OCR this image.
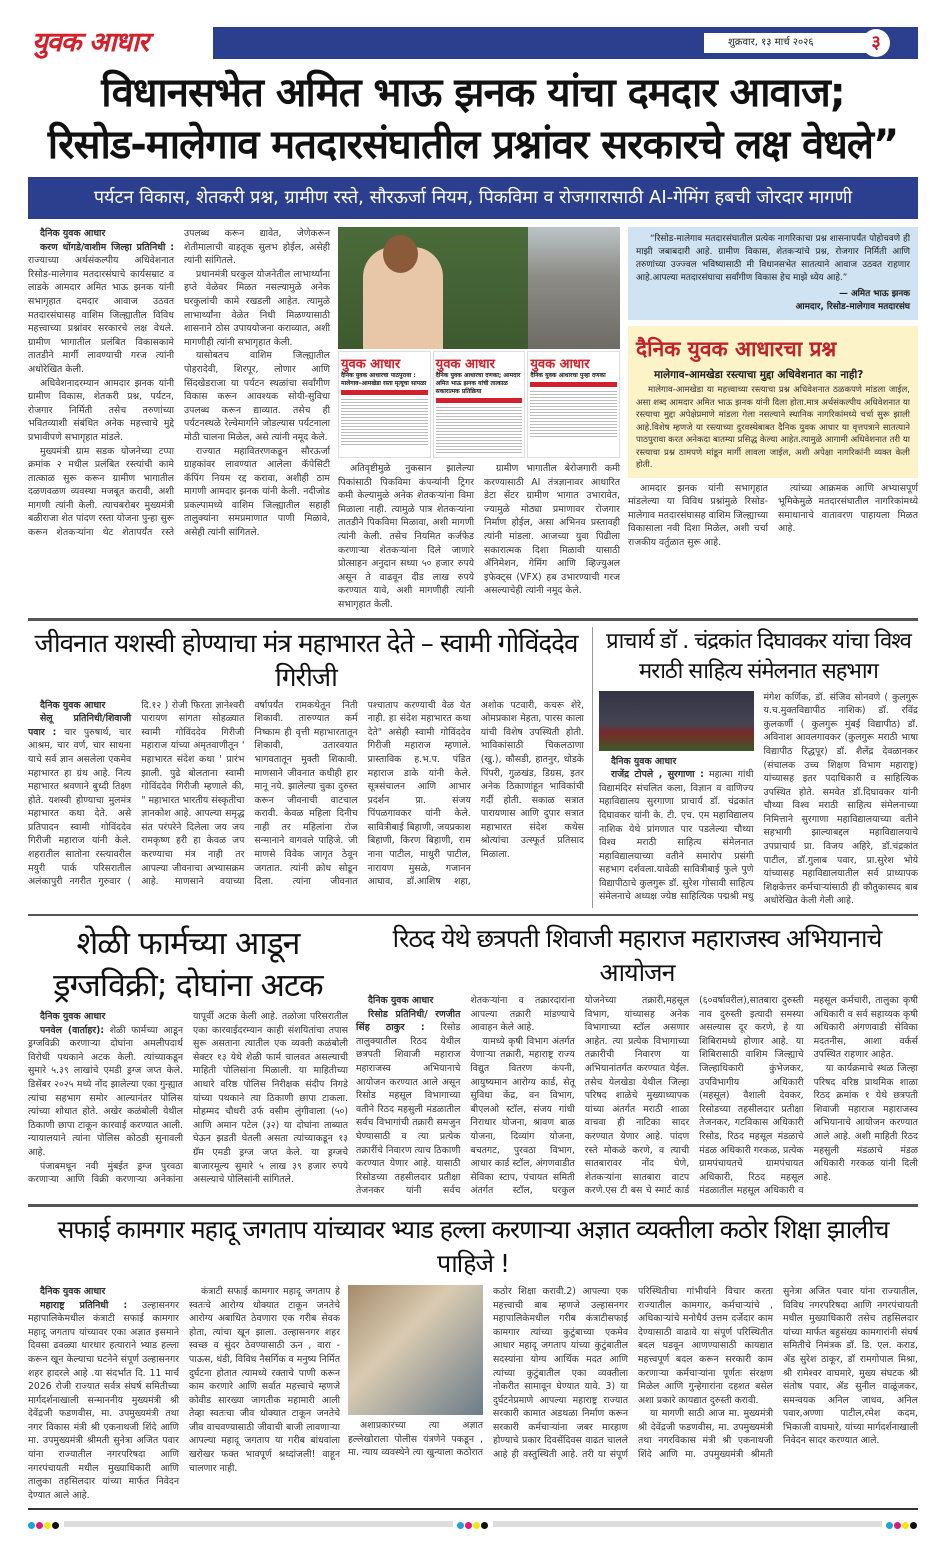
युवक आधार	शुक्रवार, १३ मार्च २०२६	३
विधानसभेत अमित भाऊ झनक यांचा दमदार आवाज;
रिसोड-मालेगाव मतदारसंघातील प्रश्नांवर सरकारचे लक्ष वेधले”
पर्यटन विकास, शेतकरी प्रश्न, ग्रामीण रस्ते, सौरऊर्जा नियम, पिकविमा व रोजगारासाठी AI-गेमिंग हबची जोरदार मागणी

दैनिक युवक आधार

करण धोंगडे/वाशीम जिल्हा प्रतिनिधी : राज्याच्या अर्थसंकल्पीय अधिवेशनात रिसोड-मालेगाव मतदारसंघाचे कार्यसम्राट व लाडके आमदार अमित भाऊ झनक यांनी सभागृहात दमदार आवाज उठवत मतदारसंघासह वाशिम जिल्ह्यातील विविध महत्त्वाच्या प्रश्नांवर सरकारचे लक्ष वेधले. ग्रामीण भागातील प्रलंबित विकासकामे तातडीने मार्गी लावण्याची गरज त्यांनी अधोरेखित केली.

अधिवेशनादरम्यान आमदार झनक यांनी ग्रामीण विकास, शेतकरी प्रश्न, पर्यटन, रोजगार निर्मिती तसेच तरुणांच्या भवितव्याशी संबंधित अनेक महत्त्वाचे मुद्दे प्रभावीपणे सभागृहात मांडले.

मुख्यमंत्री ग्राम सडक योजनेच्या टप्पा क्रमांक २ मधील प्रलंबित रस्त्यांची कामे तात्काळ सुरू करून ग्रामीण भागातील दळणवळण व्यवस्था मजबूत करावी, अशी मागणी त्यांनी केली. त्याचबरोबर मुख्यमंत्री बळीराजा शेत पांदण रस्ता योजना पुन्हा सुरू करून शेतकऱ्यांना थेट शेतापर्यंत रस्ते उपलब्ध करून द्यावेत, जेणेकरून शेतीमालाची वाहतूक सुलभ होईल, असेही त्यांनी सांगितले.

प्रधानमंत्री घरकुल योजनेतील लाभार्थ्यांना हप्ते वेळेवर मिळत नसल्यामुळे अनेक घरकुलांची कामे रखडली आहेत. त्यामुळे लाभार्थ्यांना वेळेत निधी मिळण्यासाठी शासनाने ठोस उपाययोजना कराव्यात, अशी मागणीही त्यांनी सभागृहात केली.

यासोबतच वाशिम जिल्ह्यातील पोहरादेवी, शिरपूर, लोणार आणि सिंदखेडराजा या पर्यटन स्थळांचा सर्वांगीण विकास करून आवश्यक सोयी-सुविधा उपलब्ध करून द्याव्यात. तसेच ही पर्यटनस्थळे रेल्वेमार्गाने जोडल्यास पर्यटनाला मोठी चालना मिळेल, असे त्यांनी नमूद केले.

राज्यात महावितरणकडून सौरऊर्जा ग्राहकांवर लावण्यात आलेला कॅपेसिटी कॅपिंग नियम रद्द करावा, अशीही ठाम मागणी आमदार झनक यांनी केली. नदीजोड प्रकल्पामध्ये वाशिम जिल्ह्यातील सहाही तालुक्यांना समप्रमाणात पाणी मिळावे, असेही त्यांनी सांगितले.

युवक आधार
दैनिक युवक आधारचा पाठपुरावा : मालेगाव–आमखेडा रस्ता मृत्यूचा सापळा
युवक आधार
दैनिक युवक आधारचा दणका; आमदार अमित भाऊ झनक यांची तात्काळ सकारात्मक प्रतिक्रिया
युवक आधार
दैनिक युवक आधारचा पुन्हा दणका

अतिवृष्टीमुळे नुकसान झालेल्या पिकांसाठी पिकविमा कंपन्यांनी ट्रिगर कमी केल्यामुळे अनेक शेतकऱ्यांना विमा मिळाला नाही. त्यामुळे पात्र शेतकऱ्यांना तातडीने पिकविमा मिळावा, अशी मागणी त्यांनी केली. तसेच नियमित कर्जफेड करणाऱ्या शेतकऱ्यांना दिले जाणारे प्रोत्साहन अनुदान सध्या ५० हजार रुपये असून ते वाढवून दीड लाख रुपये करण्यात यावे, अशी मागणीही त्यांनी सभागृहात केली.

ग्रामीण भागातील बेरोजगारी कमी करण्यासाठी AI तंत्रज्ञानावर आधारित डेटा सेंटर ग्रामीण भागात उभारावेत, ज्यामुळे मोठ्या प्रमाणावर रोजगार निर्माण होईल, असा अभिनव प्रस्तावही त्यांनी मांडला. आजच्या युवा पिढीला सकारात्मक दिशा मिळावी यासाठी ॲनिमेशन, गेमिंग आणि व्हिज्युअल इफेक्ट्स (VFX) हब उभारण्याची गरज असल्याचेही त्यांनी नमूद केले.

“रिसोड-मालेगाव मतदारसंघातील प्रत्येक नागरिकाचा प्रश्न शासनापर्यंत पोहोचवणे ही माझी जबाबदारी आहे. ग्रामीण विकास, शेतकऱ्यांचे प्रश्न, रोजगार निर्मिती आणि तरुणांच्या उज्ज्वल भविष्यासाठी मी विधानसभेत सातत्याने आवाज उठवत राहणार आहे.आपल्या मतदारसंघाचा सर्वांगीण विकास हेच माझे ध्येय आहे.”
— अमित भाऊ झनक
आमदार, रिसोड-मालेगाव मतदारसंघ
दैनिक युवक आधारचा प्रश्न
मालेगाव-आमखेडा रस्त्याचा मुद्दा अधिवेशनात का नाही?
मालेगाव-आमखेडा या महत्त्वाच्या रस्त्याचा प्रश्न अधिवेशनात ठळकपणे मांडला जाईल, असा शब्द आमदार अमित भाऊ झनक यांनी दिला होता.मात्र अर्थसंकल्पीय अधिवेशनात या रस्त्याचा मुद्दा अपेक्षेप्रमाणे मांडला गेला नसल्याने स्थानिक नागरिकांमध्ये चर्चा सुरू झाली आहे.विशेष म्हणजे या रस्त्याच्या दुरवस्थेबाबत दैनिक युवक आधार या वृत्तपत्राने सातत्याने पाठपुरावा करत अनेकदा बातम्या प्रसिद्ध केल्या आहेत.त्यामुळे आगामी अधिवेशनात तरी या रस्त्याचा प्रश्न ठामपणे मांडून मार्गी लावला जाईल, अशी अपेक्षा नागरिकांनी व्यक्त केली होती.

आमदार झनक यांनी सभागृहात मांडलेल्या या विविध प्रश्नांमुळे रिसोड-मालेगाव मतदारसंघासह वाशिम जिल्ह्याच्या विकासाला नवी दिशा मिळेल, अशी चर्चा राजकीय वर्तुळात सुरू आहे.

त्यांच्या आक्रमक आणि अभ्यासपूर्ण भूमिकेमुळे मतदारसंघातील नागरिकांमध्ये समाधानाचे वातावरण पाहायला मिळत आहे.

जीवनात यशस्वी होण्याचा मंत्र महाभारत देते – स्वामी गोविंददेव गिरीजी

दैनिक युवक आधार

सेलू प्रतिनिधी/शिवाजी पवार : चार पुरुषार्थ, चार आश्रम, चार वर्ण, चार साधना याचे सर्व ज्ञान असलेला एकमेव महाभारत हा ग्रंथ आहे. नित्य महाभारत श्रवणाने बुध्दी तिक्ष्ण होते. यशस्वी होण्याचा मुलमंत्र महाभारत कथा देते. असे प्रतिपादन स्वामी गोविंददेव गिरीजी महाराज यांनी केले. शहरातील सातोना रस्त्यावरील मयुरी पार्क परिसरातील अलंकापुरी नगरीत गुरुवार ( दि.१२ ) रोजी फिरता ज्ञानेश्वरी पारायण सांगता सोहळ्यात स्वामी गोविंददेव गिरीजी महाराज यांच्या अमृतवाणीतून ' महाभारत संदेश कथा ' प्रारंभ झाली. पुढे बोलताना स्वामी गोविंददेव गिरीजी म्हणाले की, " महाभारत भारतीय संस्कृतीचा ज्ञानकोश आहे. आपल्या समृद्ध संत परंपरेने दिलेला जय जय रामकृष्ण हरी हा केवळ जप करण्याचा मंत्र नाही तर आपल्या जीवनाचा अभ्यासक्रम आहे. माणसाने वयाच्या वर्षापर्यंत रामकथेतून निती शिकावी. तारुण्यात कर्म निष्काम ही वृत्ती महाभारतातून शिकावी, उतारवयात भागवतातून मुक्ती शिकावी. माणसाने जीवनात कधीही हार मानू नये. झालेल्या चुका दुरुस्त करून जीवनाची वाटचाल करावी. केवळ महिला दिनीच नाही तर महिलांना रोज सन्मानाने वागवले पाहिजे. जी माणसे विवेक जागृत ठेवून जगतात. त्यांनी क्रोध सोडून दिला. त्यांना जीवनात पश्चाताप करण्याची वेळ येत नाही. हा संदेश महाभारत कथा देते" असेही स्वामी गोविंददेव गिरीजी महाराज म्हणाले. प्रास्ताविक ह.भ.प. पंडित महाराज डाके यांनी केले. सूत्रसंचालन आणि आभार प्रदर्शन प्रा. संजय पिंपळगावकर यांनी केले. सावित्रीबाई बिहाणी, जयप्रकाश बिहाणी, किरण बिहाणी, राम नाना पाटील, माधुरी पाटील, नारायण मुसळे, गजानन आघाव, डॉ.आशिष शहा, अशोक पटवारी, कचरू शेरे, ओमप्रकाश मेहता, पारस काला यांची विशेष उपस्थिती होती. भाविकांसाठी चिकलठाणा (खु.), कौसडी, हातनुर, धोडके पिंपरी, गुळखंड, डिग्रस, इतर अनेक ठिकाणांहून भाविकांची गर्दी होती. सकाळ सत्रात पारायणास आणि दुपार सत्रात महाभारत संदेश कथेस श्रोत्यांचा उत्स्फूर्त प्रतिसाद मिळाला.

प्राचार्य डॉ . चंद्रकांत दिघावकर यांचा विश्व मराठी साहित्य संमेलनात सहभाग

दैनिक युवक आधार

राजेंद्र टोपले , सुरगाणा : महात्मा गांधी विद्यामंदिर संचलित कला, विज्ञान व वाणिज्य महाविद्यालय सुरगाणा प्राचार्य डॉ. चंद्रकांत दिघावकर यांनी के. टी. एच. एम महाविद्यालय नाशिक येथे प्रांगणात पार पडलेल्या चौथ्या विश्व मराठी साहित्य संमेलनात महाविद्यालयाच्या वतीने समारोप प्रसंगी सहभाग दर्शवला.यावेळी सावित्रीबाई फुले पुणे विद्यापीठाचे कुलगुरू डॉ. सुरेश गोसावी साहित्य संमेलनाचे अध्यक्ष ज्येष्ठ साहित्यिक पद्मश्री मधु मंगेश कर्णिक, डॉ. संजिव सोनवणे ( कुलगुरू य.च.मुक्तविद्यापीठ नाशिक) डॉ. रविंद्र कुलकर्णी ( कुलगुरू मुंबई विद्यापीठ) डॉ. अविनाश आवलगावकर (कुलगुरू मराठी भाषा विद्यापीठ रिद्धपूर) डॉ. शैलेंद्र देवळानकर (संचालक उच्च शिक्षण विभाग महाराष्ट्र) यांच्यासह इतर पदाधिकारी व साहित्यिक उपस्थित होते. समवेत डॉ.दिघावकर यांनी चौथ्या विश्व मराठी साहित्य संमेलनाच्या निमित्ताने सुरगाणा महाविद्यालयाच्या वतीने सहभागी झाल्याबद्दल महाविद्यालयाचे उपप्राचार्य प्रा. विजय अहिरे, डॉ.चंद्रकांत पाटील, डॉ.गुलाब पवार, प्रा.सुरेश भोये यांच्यासह महाविद्यालयातील सर्व प्राध्यापक शिक्षकेत्तर कर्मचाऱ्यांसाठी ही कौतुकास्पद बाब अधोरेखित केली गेली आहे.

शेळी फार्मच्या आडून
ड्रग्जविक्री; दोघांना अटक

दैनिक युवक आधार

पनवेल (वार्ताहर): शेळी फार्मच्या आडून ड्रग्जविक्री करणाऱ्या दोघांना अमलीपदार्थ विरोधी पथकाने अटक केली. त्यांच्याकडून सुमारे ५.३९ लाखांचे एमडी ड्रग्ज जप्त केले. डिसेंबर २०२५ मध्ये नोंद झालेल्या एका गुन्ह्यात त्यांचा सहभाग समोर आल्यानंतर पोलिस त्यांच्या शोधात होते. अखेर कळंबोली येथील ठिकाणी छापा टाकून कारवाई करण्यात आली. न्यायालयाने त्यांना पोलिस कोठडी सुनावली आहे.

पंजाबमधून नवी मुंबईत ड्रग्ज पुरवठा करणाऱ्या आणि विक्री करणाऱ्या अनेकांना यापूर्वी अटक केली आहे. तळोजा परिसरातील एका कारवाईदरम्यान काही संशयितांचा तपास सुरू असताना त्यातील एक व्यक्ती कळंबोली सेक्टर १३ येथे शेळी फार्म चालवत असल्याची माहिती पोलिसांना मिळाली. या माहितीच्या आधारे वरिष्ठ पोलिस निरीक्षक संदीप निगडे यांच्या पथकाने त्या ठिकाणी छापा टाकला. मोहम्मद चौधरी उर्फ वसीम लुंगीवाला (५०) आणि अमान पटेल (३२) या दोघांना ताब्यात घेऊन झडती घेतली असता त्यांच्याकडून १३ ग्रॅम एमडी ड्रग्ज जप्त केले. या ड्रग्जचे बाजारमूल्य सुमारे ५ लाख ३९ हजार रुपये असल्याचे पोलिसांनी सांगितले.

रिठद येथे छत्रपती शिवाजी महाराज महाराजस्व अभियानाचे आयोजन

दैनिक युवक आधार

रिसोड प्रतिनिधी/ रणजीत सिंह ठाकुर : रिसोड तालुक्यातील रिठद येथील छत्रपती शिवाजी महाराज महाराजस्व अभियानाचे आयोजन करण्यात आले असून रिसोड महसूल विभागाच्या वतीने रिठद महसुली मंडळातील सर्वच विभागांची तक्रारी समजुन घेण्यासाठी व त्या प्रत्येक तक्रारींचे निवारण त्याच ठिकाणी करण्यात येणार आहे. यासाठी रिसोडच्या तहसीलदार प्रतीक्षा तेजनकर यांनी सर्वच शेतकऱ्यांना व तक्रारदारांना आपल्या तक्रारी मांडण्याचे आवाहन केले आहे.

यामध्ये कृषी विभाग अंतर्गत येणाऱ्या तक्रारी, महाराष्ट्र राज्य विद्युत वितरण कंपनी, आयुष्यमान आरोग्य कार्ड, सेतू सुविधा केंद्र, वन विभाग, बीएलओ स्टॉल, संजय गांधी निराधार योजना, श्रावण बाळ योजना, दिव्यांग योजना, बचतगट, पुरवठा विभाग, आधार कार्ड स्टॉल, अंगणवाडीत सेविका स्टाप, पंचायत समिती अंतर्गत स्टॉल, घरकुल योजनेच्या तक्रारी,महसूल विभाग, यांच्यासह अनेक विभागाच्या स्टॉल असणार आहेत. त्या प्रत्येक विभागाच्या तक्रारीची निवारण या अभियानांतर्गत करण्यात येईल. तसेच येलखेडा येथील जिल्हा परिषद शाळेचे मुख्याध्यापक यांच्या अंतर्गत मराठी शाळा वाचवा ही नाटिका सादर करण्यात येणार आहे. पांदण रस्ते मोकळे करणे, व त्याची सातबारावर नोंद घेणे, शेतकऱ्यांना सातबारा वाटप करणे.एस टी बस चे स्मार्ट कार्ड (६०वर्षावरील),सातबारा दुरुस्ती नाव दुरुस्ती इत्यादी समस्या असल्यास दूर करणे, हे या शिबिरामध्ये होणार आहे. या शिबिरासाठी वाशिम जिल्ह्याचे जिल्हाधिकारी कुंभेजकर, उपविभागीय अधिकारी (महसूल) वैशाली देवकर, रिसोडच्या तहसीलदार प्रतीक्षा तेजनकर, गटविकास अधिकारी रिसोड, रिठद महसूल मंडळाचे मंडळ अधिकारी गरकळ, प्रत्येक ग्रामपंचायतचे ग्रामपंचायत अधिकारी, रिठद महसूल मंडळातील महसूल अधिकारी व महसूल कर्मचारी, तालुका कृषी अधिकारी व सर्व सहाय्यक कृषी अधिकारी अंगणवाडी सेविका मदतनीस, आशा वर्कर्स उपस्थित राहणार आहेत.

या कार्यक्रमाचे स्थळ जिल्हा परिषद वरिष्ठ प्राथमिक शाळा रिठद क्रमांक १ येथे छत्रपती शिवाजी महाराज महाराजस्व अभियानाचे आयोजन करण्यात आले आहे. अशी माहिती रिठद महसुली मंडळाचे मंडळ अधिकारी गरकळ यांनी दिली आहे.

सफाई कामगार महादू जगताप यांच्यावर भ्याड हल्ला करणाऱ्या अज्ञात व्यक्तीला कठोर शिक्षा झालीच पाहिजे !

दैनिक युवक आधार

महाराष्ट्र प्रतिनिधी : उल्हासनगर महापालिकेमधील कंत्राटी सफाई कामगार महादू जगताप यांच्यावर एका अज्ञात इसमाने दिवसा ढवळ्या धारधार हत्याराने भ्याड हल्ला करून खून केल्याचा घटनेने संपूर्ण उल्हासनगर शहर हादरले आहे .या संदर्भात दि. 11 मार्च 2026 रोजी राज्यात सर्वत्र संघर्ष समितीच्या मार्गदर्शनाखाली सन्माननीय मुख्यमंत्री श्री देवेंद्रजी फडणवीस, मा. उपमुख्यमंत्री तथा नगर विकास मंत्री श्री एकनाथजी शिंदे आणि मा. उपमुख्यमंत्री श्रीमती सुनेत्रा अजित पवार यांना राज्यातील नगरपरिषदा आणि नगरपंचायती मधील मुख्याधिकारी आणि तालुका तहसिलदार यांच्या मार्फत निवेदन देण्यात आले आहे.

कंत्राटी सफाई कामगार महादू जगताप हे स्वतःचे आरोग्य धोक्यात टाकून जनतेचे आरोग्य अबाधित ठेवणारा एक गरीब सेवक होता, त्यांचा खून झाला. उल्हासनगर शहर स्वच्छ व सुंदर ठेवण्यासाठी ऊन , वारा - पाऊस, थंडी, विविध नैसर्गिक व मनुष्य निर्मित दुर्घटना होतात त्यामध्ये रक्ताचे पाणी करून काम करणारे आणि सर्वात महत्त्वाचे म्हणजे कोवीड सारख्या जागतीक महामारी आली तेव्हा स्वतःचा जीव धोक्यात टाकून जनतेचे जीव वाचवण्यासाठी जीवाची बाजी लावणाऱ्या आपल्या महादू जगताप या गरीब बांधवांला खरोखर फक्त भावपूर्ण श्रध्दांजली! वाहून चालणार नाही.

अशाप्रकारच्या त्या अज्ञात हल्लेखोराला पोलीस यंत्रणेने पकडून , मा. न्याय व्यवस्थेने त्या खुन्याला कठोरात कठोर शिक्षा करावी.2) आपल्या एक महत्त्वाची बाब म्हणजे उल्हासनगर महापालिकेमधील गरीब कंत्राटीसफाई कामगार त्यांच्या कुटुंबाच्या एकमेव आधार महादू जगताप यांच्या कुटुंबातील सदस्यांना योग्य आर्थिक मदत आणि त्यांच्या कुटुंबातील एका व्यक्तीला नोकरीत सामावून घेण्यात यावे. 3) या दुर्घटनेप्रमाणे आपल्या महाराष्ट्र राज्यात सरकारी कामात अडथळा निर्माण करून सरकारी कर्मचाऱ्यांना जबर मारहाण होण्याचे प्रकार दिवसेंदिवस वाढत चालले आहे ही वस्तुस्थिती आहे. तरी या संपूर्ण परिस्थितीचा गांभीर्याने विचार करता राज्यातील कामगार, कर्मचाऱ्यांचे , अधिकाऱ्यांचे मनोधैर्य उत्तम दर्जेदार काम देण्यासाठी वाढावे या संपूर्ण परिस्थितीत बदल घडवून आणण्यासाठी कायद्यात महत्त्वपूर्ण बदल करून सरकारी काम करणाऱ्या कर्मचाऱ्यांना पूर्णतः संरक्षण मिळेल आणि गुन्हेगारांना दहशत बसेल अशा प्रकारे कायद्यात दुरुस्ती करावी.

या मागणी साठी आज मा. मुख्यमंत्री श्री देवेंद्रजी फडणवीस, मा. उपमुख्यमंत्री तथा नगरविकास मंत्री श्री एकनाथजी शिंदे आणि मा. उपमुख्यमंत्री श्रीमती सुनेत्रा अजित पवार यांना राज्यातील, विविध नगरपरिषदा आणि नगरपंचायती मधील मुख्याधिकारी तसेच तहसिलदार यांच्या मार्फत बहुसंख्य कामगारांनी संघर्ष समितीचे निमंत्रक डॉ. डि. एल. कराड, ॲड सुरेश ठाकूर, डॉ रामगोपाल मिश्रा, श्री रामेश्वर वाघमारे, मुख्य संघटक श्री संतोष पवार, ॲड सुनील वाळूंजकर, समन्वयक अनिल जाधव, अनिल पवार,अण्णा पाटील,रमेश कदम, भिकाजी वाघमारे, यांच्या मार्गदर्शनाखाली निवेदन सादर करण्यात आले.
